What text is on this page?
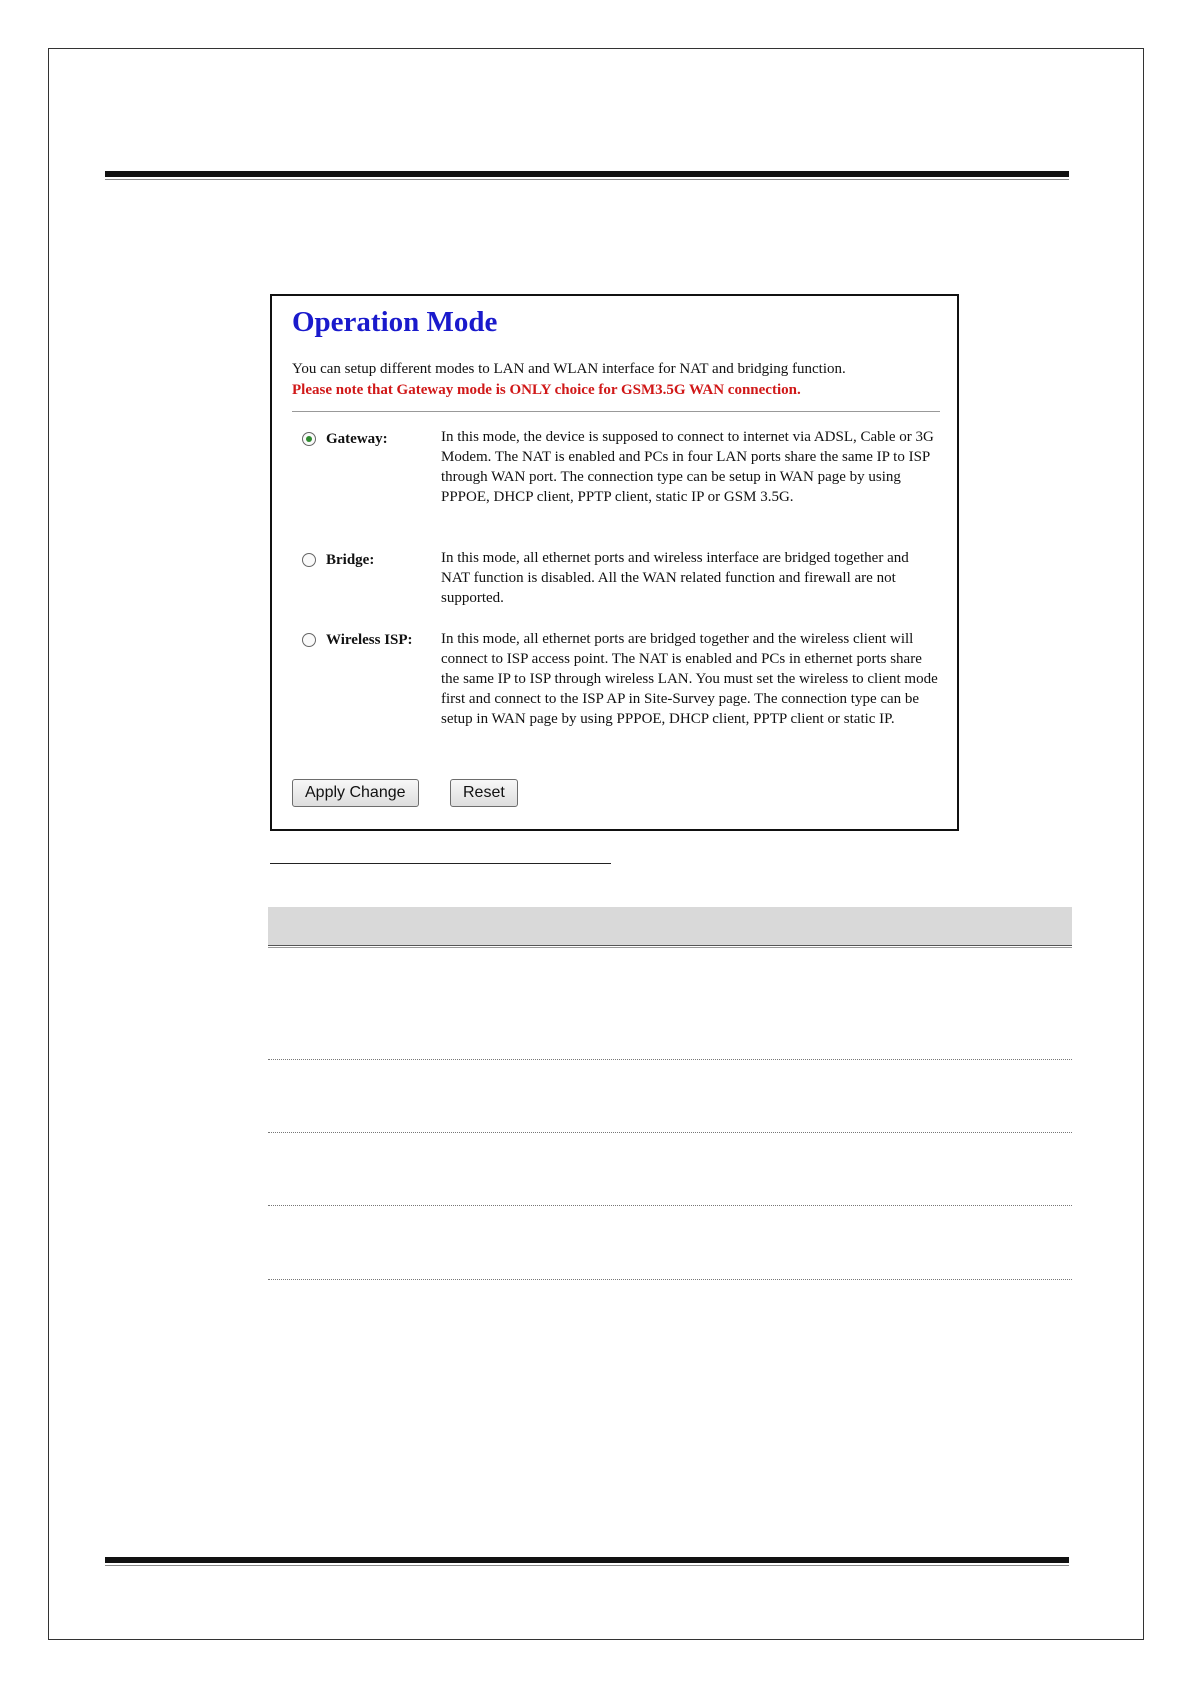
Operation Mode
You can setup different modes to LAN and WLAN interface for NAT and bridging function.
Please note that Gateway mode is ONLY choice for GSM3.5G WAN connection.
Gateway:	In this mode, the device is supposed to connect to internet via ADSL, Cable or 3G Modem. The NAT is enabled and PCs in four LAN ports share the same IP to ISP through WAN port. The connection type can be setup in WAN page by using PPPOE, DHCP client, PPTP client, static IP or GSM 3.5G.
Bridge:	In this mode, all ethernet ports and wireless interface are bridged together and NAT function is disabled. All the WAN related function and firewall are not supported.
Wireless ISP: In this mode, all ethernet ports are bridged together and the wireless client will connect to ISP access point. The NAT is enabled and PCs in ethernet ports share the same IP to ISP through wireless LAN. You must set the wireless to client mode first and connect to the ISP AP in Site-Survey page. The connection type can be setup in WAN page by using PPPOE, DHCP client, PPTP client or static IP.
Apply Change	Reset
